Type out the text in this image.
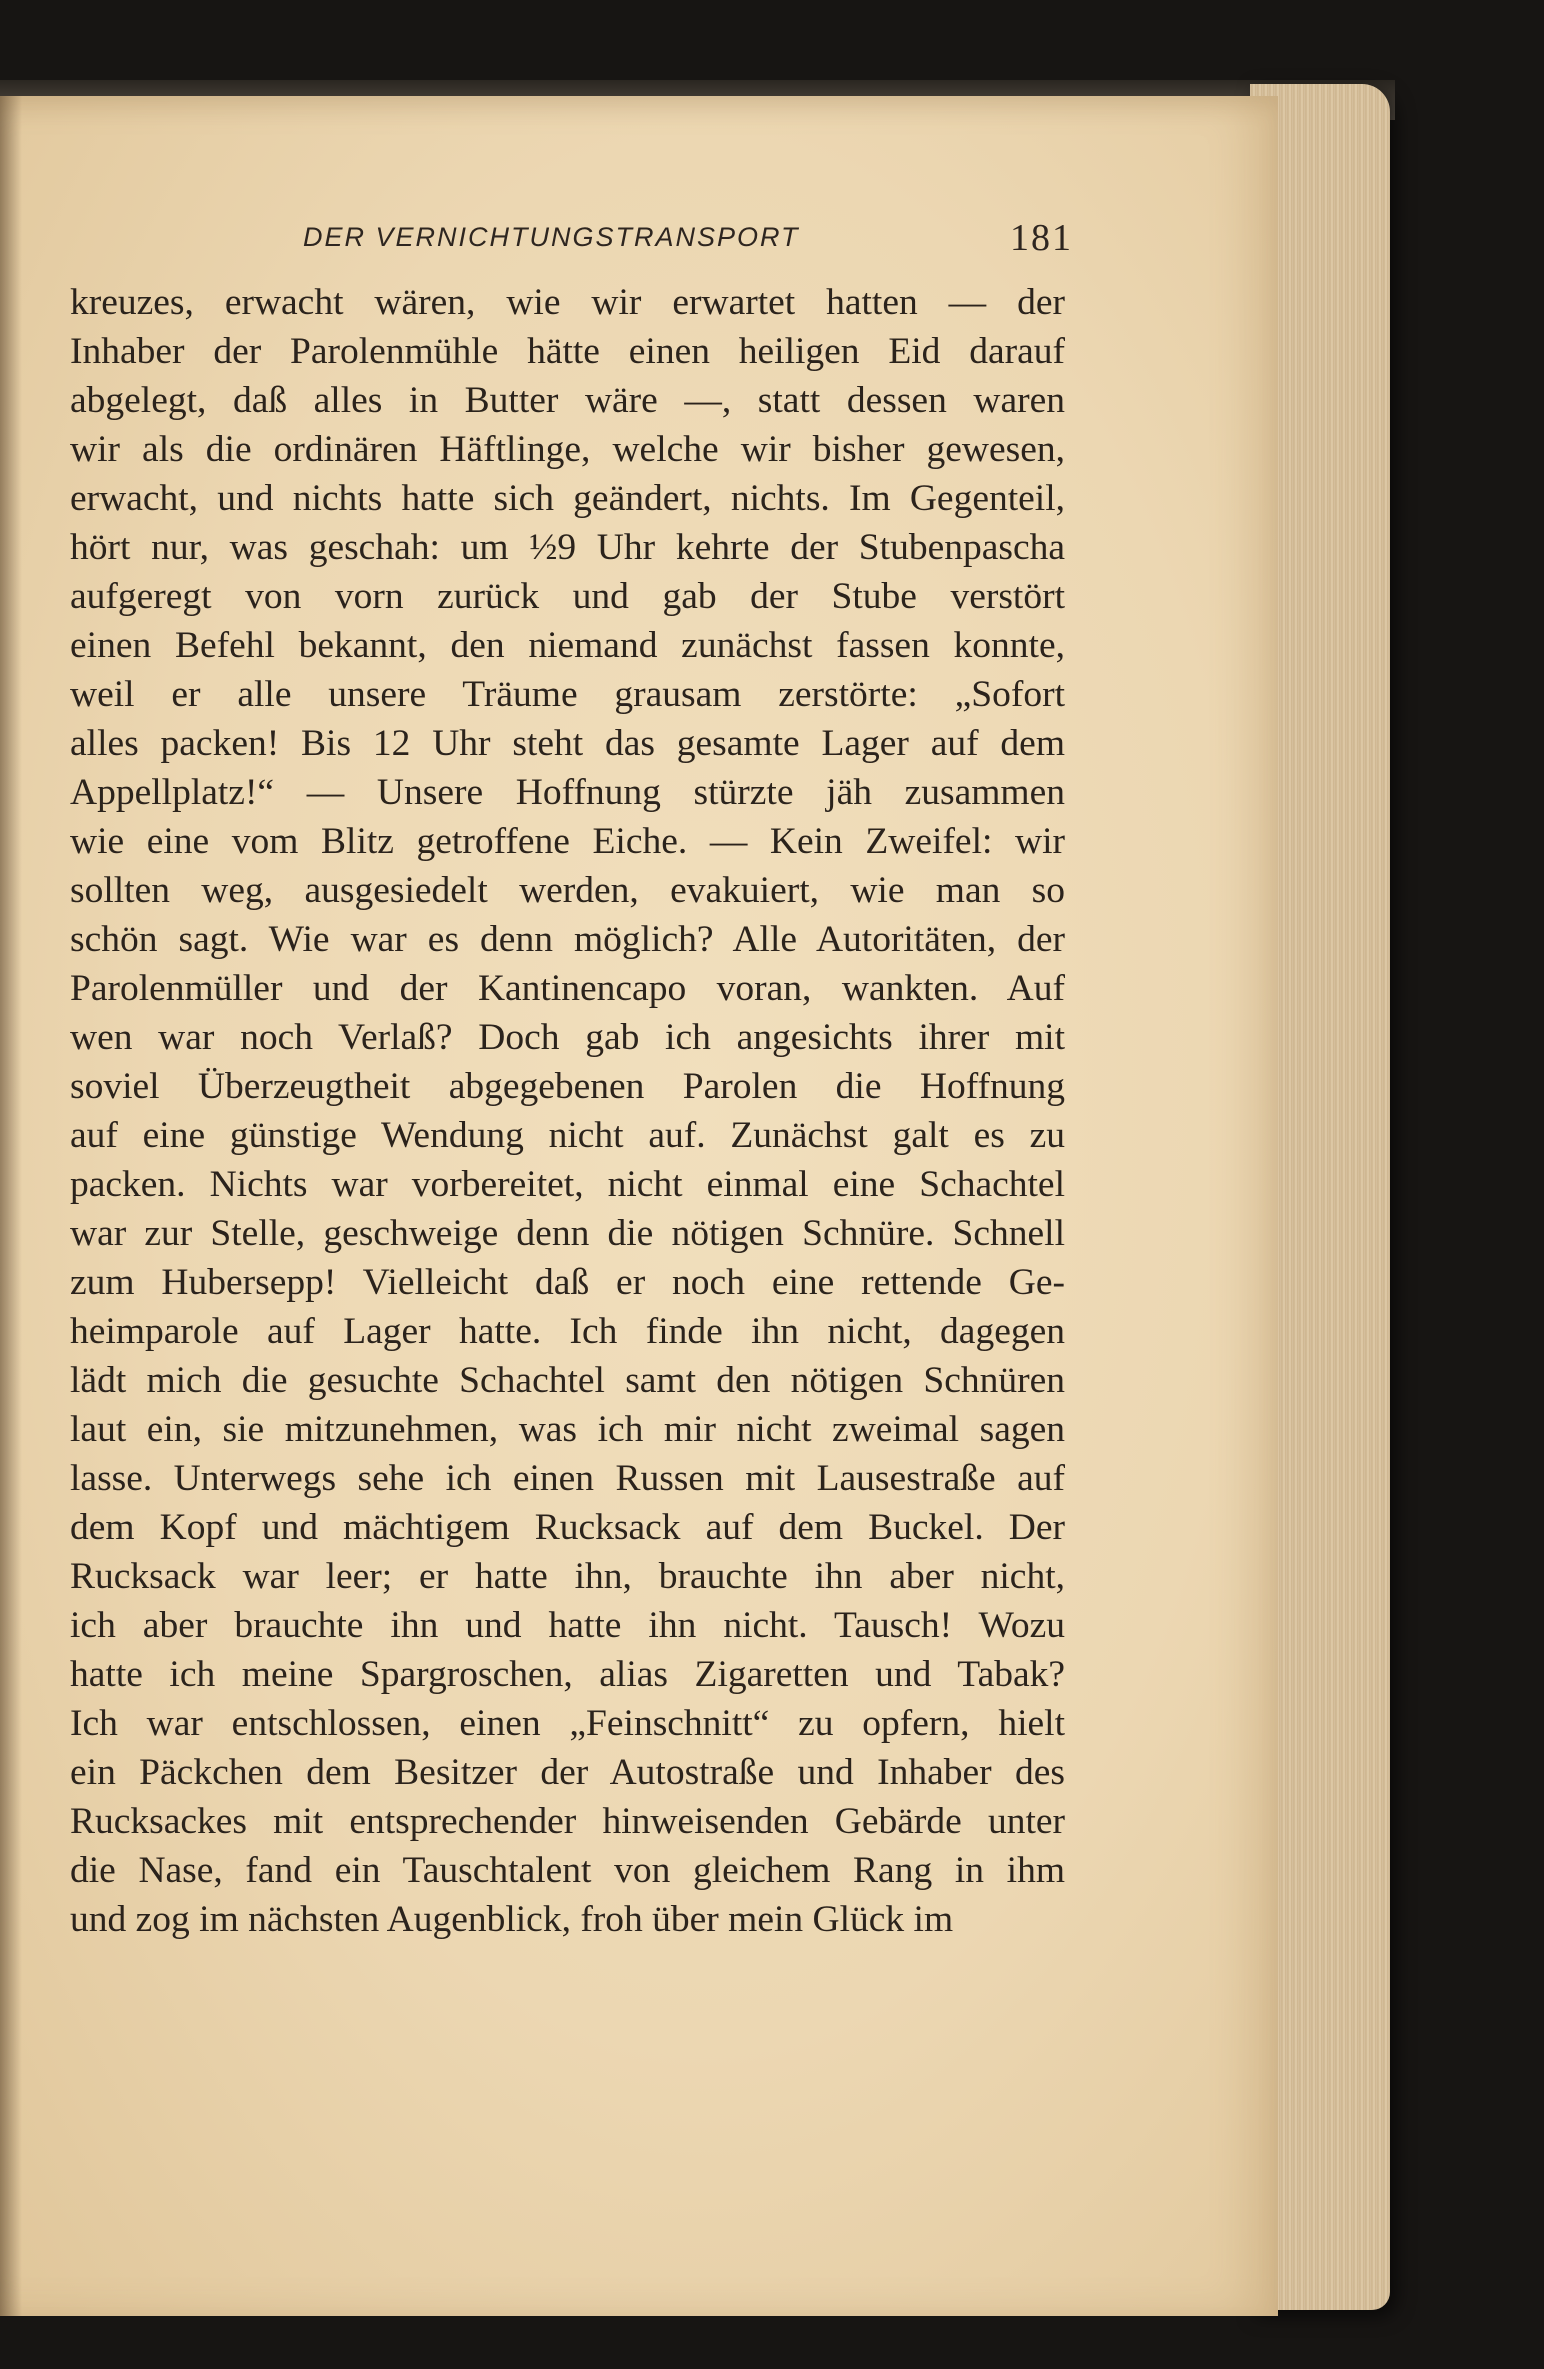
DER VERNICHTUNGSTRANSPORT	181
kreuzes, erwacht wären, wie wir erwartet hatten — der
Inhaber der Parolenmühle hätte einen heiligen Eid darauf
abgelegt, daß alles in Butter wäre —, statt dessen waren
wir als die ordinären Häftlinge, welche wir bisher gewesen,
erwacht, und nichts hatte sich geändert, nichts. Im Gegenteil,
hört nur, was geschah: um ½9 Uhr kehrte der Stubenpascha
aufgeregt von vorn zurück und gab der Stube verstört
einen Befehl bekannt, den niemand zunächst fassen konnte,
weil er alle unsere Träume grausam zerstörte: „Sofort
alles packen! Bis 12 Uhr steht das gesamte Lager auf dem
Appellplatz!“ — Unsere Hoffnung stürzte jäh zusammen
wie eine vom Blitz getroffene Eiche. — Kein Zweifel: wir
sollten weg, ausgesiedelt werden, evakuiert, wie man so
schön sagt. Wie war es denn möglich? Alle Autoritäten, der
Parolenmüller und der Kantinencapo voran, wankten. Auf
wen war noch Verlaß? Doch gab ich angesichts ihrer mit
soviel Überzeugtheit abgegebenen Parolen die Hoffnung
auf eine günstige Wendung nicht auf. Zunächst galt es zu
packen. Nichts war vorbereitet, nicht einmal eine Schachtel
war zur Stelle, geschweige denn die nötigen Schnüre. Schnell
zum Hubersepp! Vielleicht daß er noch eine rettende Ge-
heimparole auf Lager hatte. Ich finde ihn nicht, dagegen
lädt mich die gesuchte Schachtel samt den nötigen Schnüren
laut ein, sie mitzunehmen, was ich mir nicht zweimal sagen
lasse. Unterwegs sehe ich einen Russen mit Lausestraße auf
dem Kopf und mächtigem Rucksack auf dem Buckel. Der
Rucksack war leer; er hatte ihn, brauchte ihn aber nicht,
ich aber brauchte ihn und hatte ihn nicht. Tausch! Wozu
hatte ich meine Spargroschen, alias Zigaretten und Tabak?
Ich war entschlossen, einen „Feinschnitt“ zu opfern, hielt
ein Päckchen dem Besitzer der Autostraße und Inhaber des
Rucksackes mit entsprechender hinweisenden Gebärde unter
die Nase, fand ein Tauschtalent von gleichem Rang in ihm
und zog im nächsten Augenblick, froh über mein Glück im
